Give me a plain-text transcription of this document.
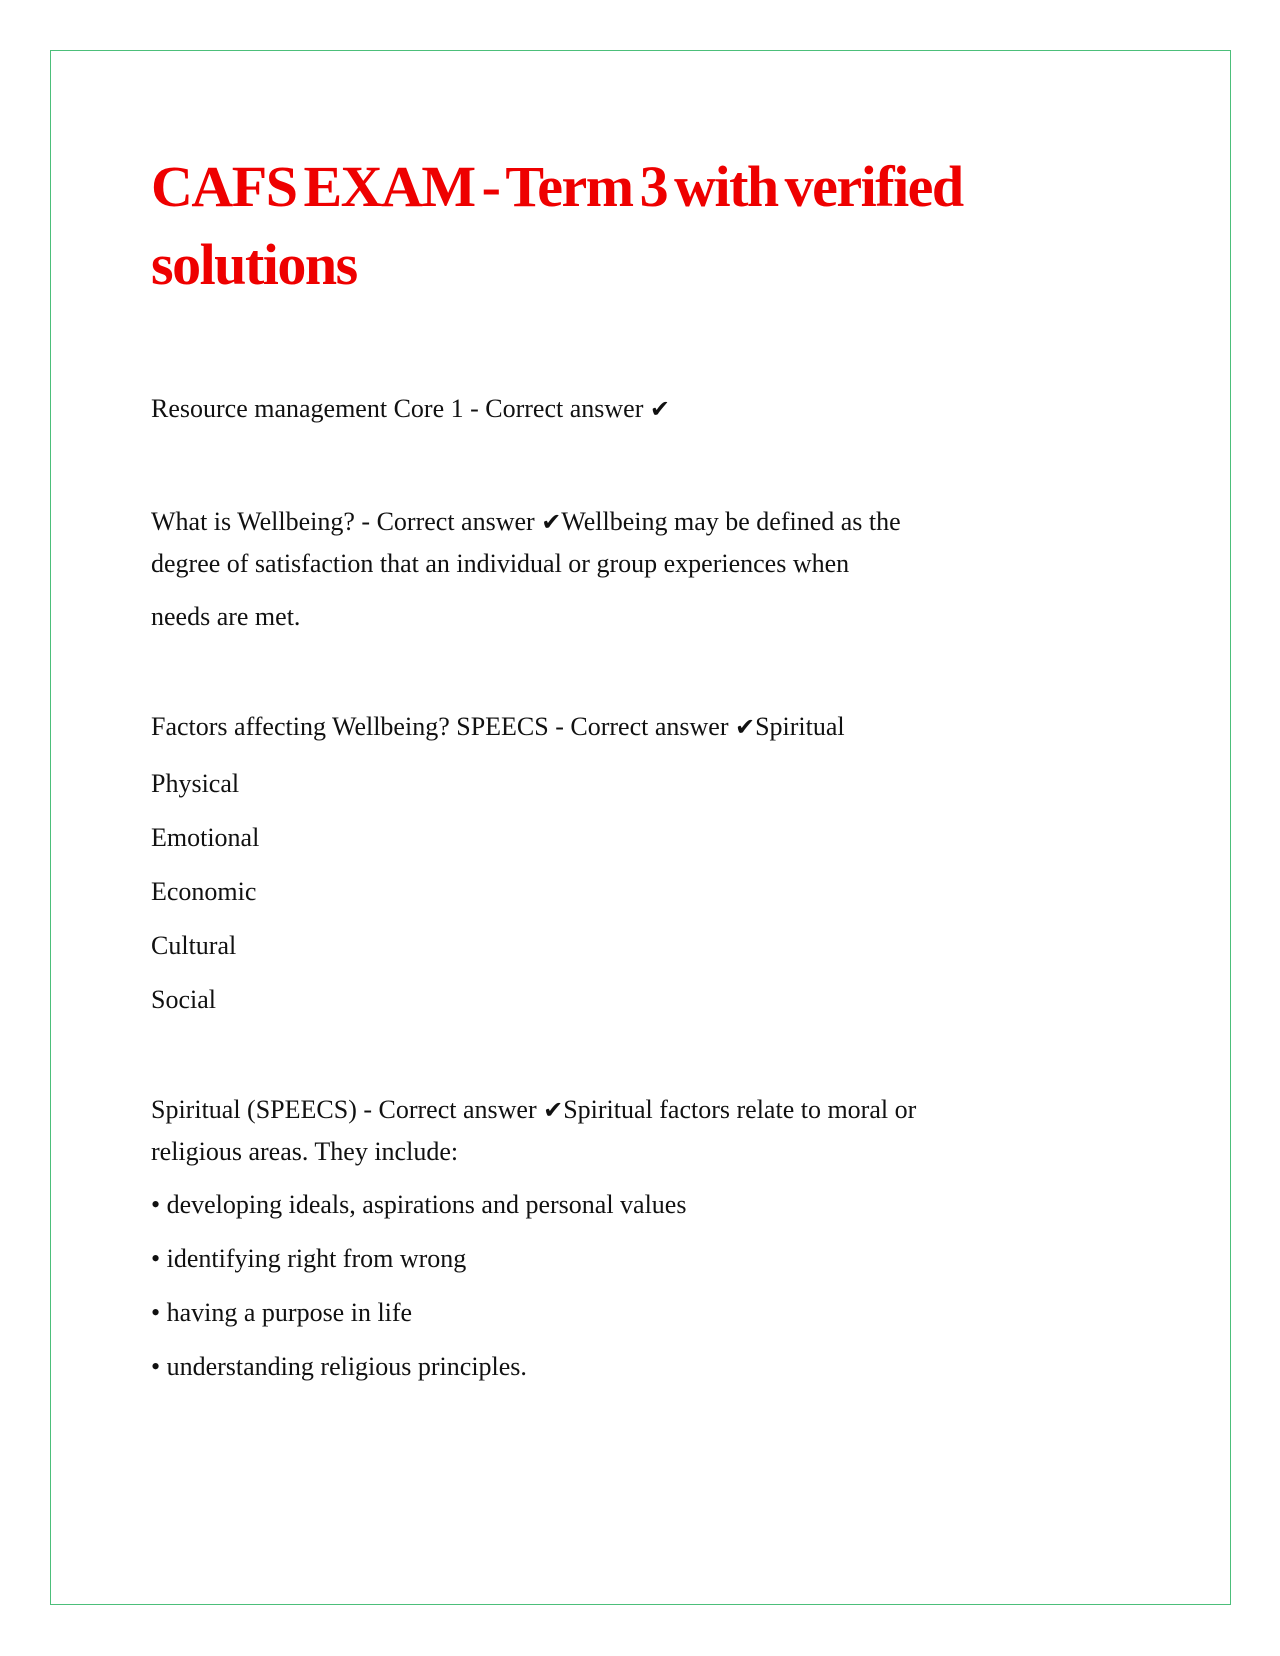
CAFS EXAM - Term 3 with verified solutions

Resource management Core 1 - Correct answer ✔

What is Wellbeing? - Correct answer ✔Wellbeing may be defined as the

degree of satisfaction that an individual or group experiences when

needs are met.

Factors affecting Wellbeing? SPEECS - Correct answer ✔Spiritual

Physical

Emotional

Economic

Cultural

Social

Spiritual (SPEECS) - Correct answer ✔Spiritual factors relate to moral or

religious areas. They include:

• developing ideals, aspirations and personal values

• identifying right from wrong

• having a purpose in life

• understanding religious principles.
